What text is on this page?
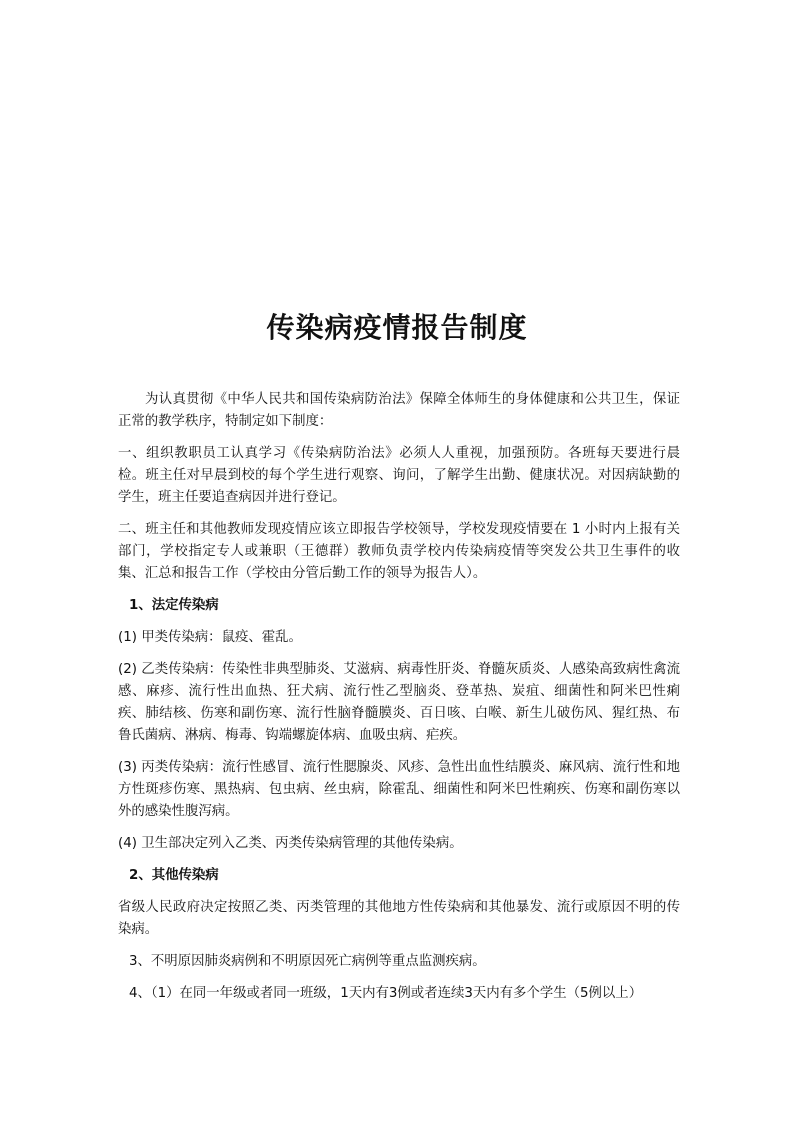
传染病疫情报告制度

为认真贯彻《中华人民共和国传染病防治法》保障全体师生的身体健康和公共卫生，保证正常的教学秩序，特制定如下制度：

一、组织教职员工认真学习《传染病防治法》必须人人重视，加强预防。各班每天要进行晨检。班主任对早晨到校的每个学生进行观察、询问，了解学生出勤、健康状况。对因病缺勤的学生，班主任要追查病因并进行登记。

二、班主任和其他教师发现疫情应该立即报告学校领导，学校发现疫情要在 1 小时内上报有关部门，学校指定专人或兼职（王德群）教师负责学校内传染病疫情等突发公共卫生事件的收集、汇总和报告工作（学校由分管后勤工作的领导为报告人）。

1、法定传染病

(1) 甲类传染病：鼠疫、霍乱。

(2) 乙类传染病：传染性非典型肺炎、艾滋病、病毒性肝炎、脊髓灰质炎、人感染高致病性禽流感、麻疹、流行性出血热、狂犬病、流行性乙型脑炎、登革热、炭疽、细菌性和阿米巴性痢疾、肺结核、伤寒和副伤寒、流行性脑脊髓膜炎、百日咳、白喉、新生儿破伤风、猩红热、布鲁氏菌病、淋病、梅毒、钩端螺旋体病、血吸虫病、疟疾。

(3) 丙类传染病：流行性感冒、流行性腮腺炎、风疹、急性出血性结膜炎、麻风病、流行性和地方性斑疹伤寒、黑热病、包虫病、丝虫病，除霍乱、细菌性和阿米巴性痢疾、伤寒和副伤寒以外的感染性腹泻病。

(4) 卫生部决定列入乙类、丙类传染病管理的其他传染病。

2、其他传染病

省级人民政府决定按照乙类、丙类管理的其他地方性传染病和其他暴发、流行或原因不明的传染病。

3、不明原因肺炎病例和不明原因死亡病例等重点监测疾病。

4、（1）在同一年级或者同一班级，1天内有3例或者连续3天内有多个学生（5例以上）
